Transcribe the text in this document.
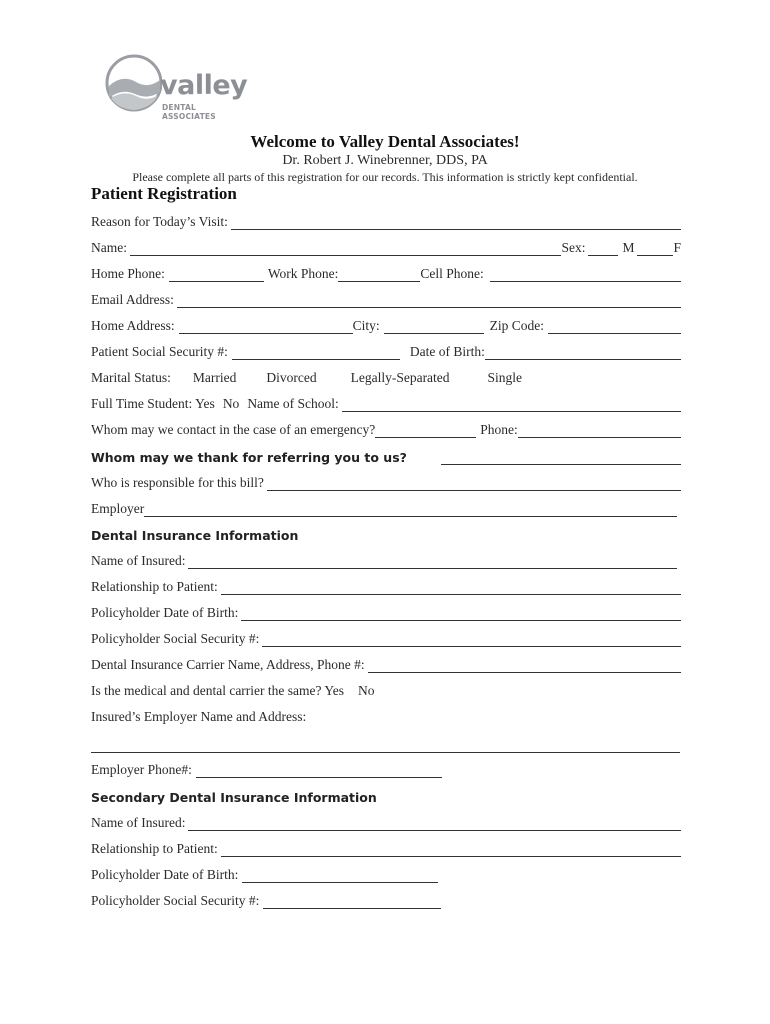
valley
DENTAL ASSOCIATES
Welcome to Valley Dental Associates!
Dr. Robert J. Winebrenner, DDS, PA
Please complete all parts of this registration for our records. This information is strictly kept confidential.
Patient Registration
Reason for Today’s Visit:
Name:	Sex:	M	F
Home Phone:	Work Phone:	Cell Phone:
Email Address:
Home Address:	City:	Zip Code:
Patient Social Security #:	Date of Birth:
Marital Status: Married Divorced	Legally-Separated	Single
Full Time Student: Yes No Name of School:
Whom may we contact in the case of an emergency?	Phone:
Whom may we thank for referring you to us?
Who is responsible for this bill?
Employer
Dental Insurance Information
Name of Insured:
Relationship to Patient:
Policyholder Date of Birth:
Policyholder Social Security #:
Dental Insurance Carrier Name, Address, Phone #:
Is the medical and dental carrier the same? Yes No
Insured’s Employer Name and Address:
Employer Phone#:
Secondary Dental Insurance Information
Name of Insured:
Relationship to Patient:
Policyholder Date of Birth:
Policyholder Social Security #:
